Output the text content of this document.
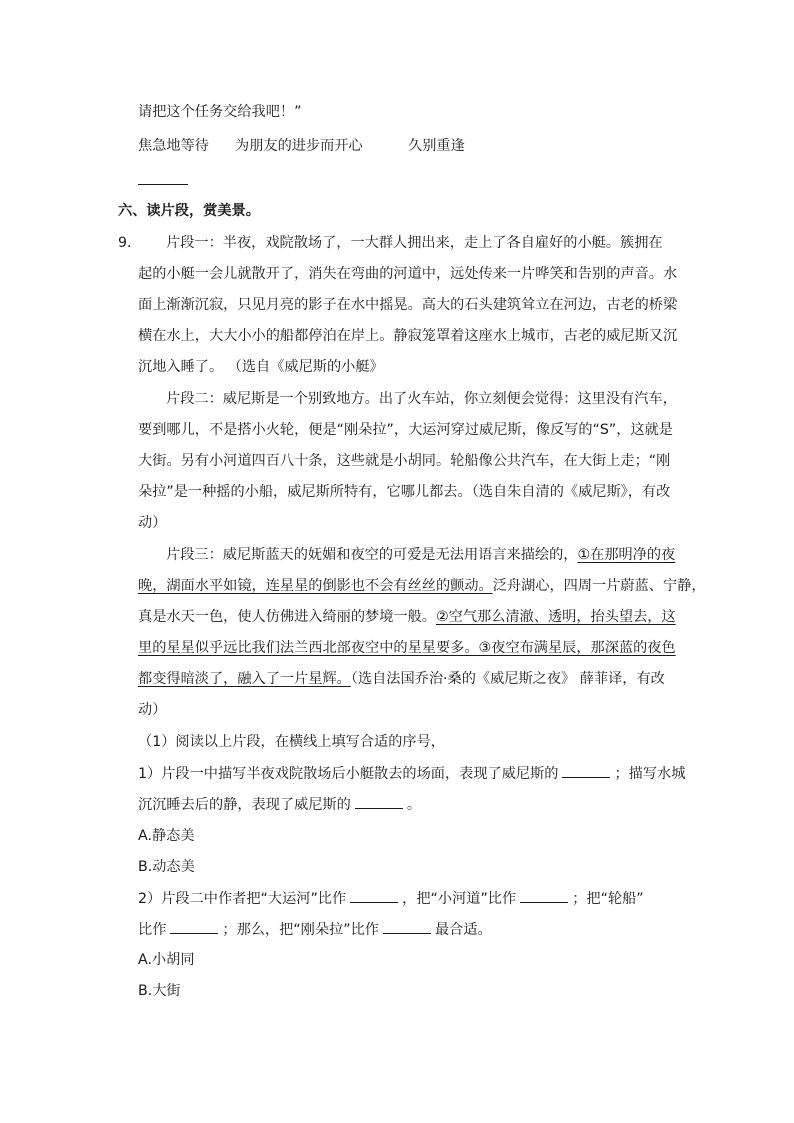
请把这个任务交给我吧！”
焦急地等待 为朋友的进步而开心	久别重逢
六、读片段，赏美景。
9． 片段一：半夜，戏院散场了，一大群人拥出来，走上了各自雇好的小艇。簇拥在
起的小艇一会儿就散开了，消失在弯曲的河道中，远处传来一片哗笑和告别的声音。水
面上渐渐沉寂，只见月亮的影子在水中摇晃。高大的石头建筑耸立在河边，古老的桥梁
横在水上，大大小小的船都停泊在岸上。静寂笼罩着这座水上城市，古老的威尼斯又沉
沉地入睡了。 （选自《威尼斯的小艇》
片段二：威尼斯是一个别致地方。出了火车站，你立刻便会觉得：这里没有汽车，
要到哪儿，不是搭小火轮，便是“刚朵拉”，大运河穿过威尼斯，像反写的“S”，这就是
大街。另有小河道四百八十条，这些就是小胡同。轮船像公共汽车，在大街上走；“刚
朵拉”是一种摇的小船，威尼斯所特有，它哪儿都去。（选自朱自清的《威尼斯》，有改
动）
片段三：威尼斯蓝天的妩媚和夜空的可爱是无法用语言来描绘的，①在那明净的夜
晚，湖面水平如镜，连星星的倒影也不会有丝丝的颤动。泛舟湖心，四周一片蔚蓝、宁静，
真是水天一色，使人仿佛进入绮丽的梦境一般。②空气那么清澈、透明，抬头望去，这
里的星星似乎远比我们法兰西北部夜空中的星星要多。③夜空布满星辰，那深蓝的夜色
都变得暗淡了，融入了一片星辉。（选自法国乔治·桑的《威尼斯之夜》 薛菲译，有改
动）
（1）阅读以上片段，在横线上填写合适的序号，
1）片段一中描写半夜戏院散场后小艇散去的场面，表现了威尼斯的	；描写水城
沉沉睡去后的静，表现了威尼斯的	。
A.静态美
B.动态美
2）片段二中作者把“大运河”比作	，把“小河道”比作	；把“轮船”
比作	；那么，把“刚朵拉”比作	最合适。
A.小胡同
B.大街
